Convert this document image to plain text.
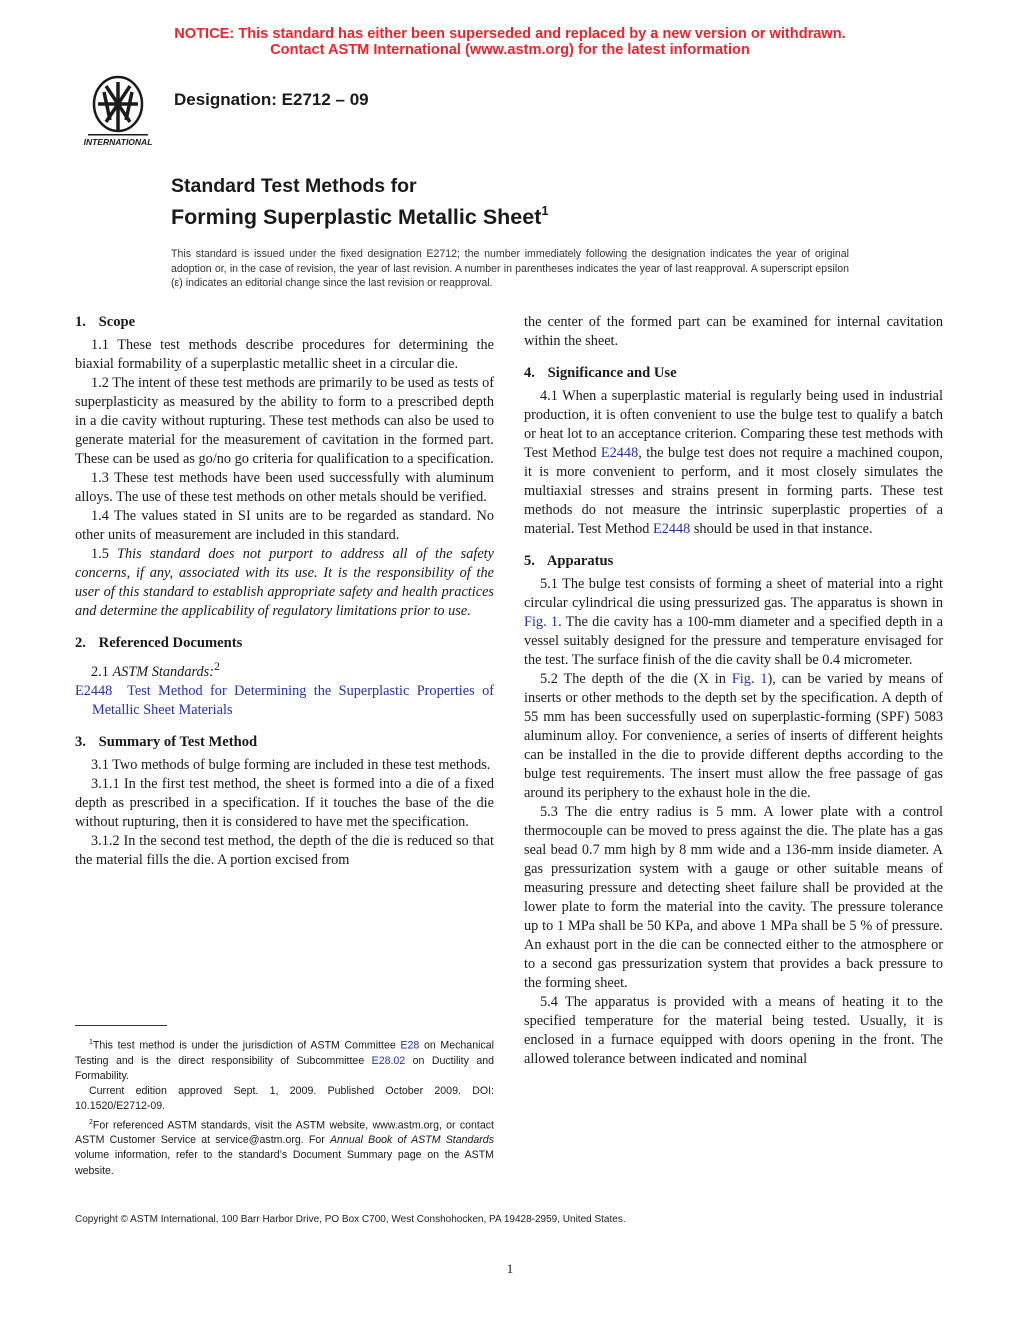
NOTICE: This standard has either been superseded and replaced by a new version or withdrawn.
Contact ASTM International (www.astm.org) for the latest information
INTERNATIONAL
Designation: E2712 – 09
Standard Test Methods for
Forming Superplastic Metallic Sheet$^1$
This standard is issued under the fixed designation E2712; the number immediately following the designation indicates the year of original adoption or, in the case of revision, the year of last revision. A number in parentheses indicates the year of last reapproval. A superscript epsilon (ε) indicates an editorial change since the last revision or reapproval.
1. Scope

1.1 These test methods describe procedures for determining the biaxial formability of a superplastic metallic sheet in a circular die.

1.2 The intent of these test methods are primarily to be used as tests of superplasticity as measured by the ability to form to a prescribed depth in a die cavity without rupturing. These test methods can also be used to generate material for the measurement of cavitation in the formed part. These can be used as go/no go criteria for qualification to a specification.

1.3 These test methods have been used successfully with aluminum alloys. The use of these test methods on other metals should be verified.

1.4 The values stated in SI units are to be regarded as standard. No other units of measurement are included in this standard.

1.5 This standard does not purport to address all of the safety concerns, if any, associated with its use. It is the responsibility of the user of this standard to establish appropriate safety and health practices and determine the applicability of regulatory limitations prior to use.

2. Referenced Documents

2.1 ASTM Standards:$^2$

E2448 Test Method for Determining the Superplastic Properties of Metallic Sheet Materials

3. Summary of Test Method

3.1 Two methods of bulge forming are included in these test methods.

3.1.1 In the first test method, the sheet is formed into a die of a fixed depth as prescribed in a specification. If it touches the base of the die without rupturing, then it is considered to have met the specification.

3.1.2 In the second test method, the depth of the die is reduced so that the material fills the die. A portion excised from

the center of the formed part can be examined for internal cavitation within the sheet.

4. Significance and Use

4.1 When a superplastic material is regularly being used in industrial production, it is often convenient to use the bulge test to qualify a batch or heat lot to an acceptance criterion. Comparing these test methods with Test Method E2448, the bulge test does not require a machined coupon, it is more convenient to perform, and it most closely simulates the multiaxial stresses and strains present in forming parts. These test methods do not measure the intrinsic superplastic properties of a material. Test Method E2448 should be used in that instance.

5. Apparatus

5.1 The bulge test consists of forming a sheet of material into a right circular cylindrical die using pressurized gas. The apparatus is shown in Fig. 1. The die cavity has a 100-mm diameter and a specified depth in a vessel suitably designed for the pressure and temperature envisaged for the test. The surface finish of the die cavity shall be 0.4 micrometer.

5.2 The depth of the die (X in Fig. 1), can be varied by means of inserts or other methods to the depth set by the specification. A depth of 55 mm has been successfully used on superplastic-forming (SPF) 5083 aluminum alloy. For convenience, a series of inserts of different heights can be installed in the die to provide different depths according to the bulge test requirements. The insert must allow the free passage of gas around its periphery to the exhaust hole in the die.

5.3 The die entry radius is 5 mm. A lower plate with a control thermocouple can be moved to press against the die. The plate has a gas seal bead 0.7 mm high by 8 mm wide and a 136-mm inside diameter. A gas pressurization system with a gauge or other suitable means of measuring pressure and detecting sheet failure shall be provided at the lower plate to form the material into the cavity. The pressure tolerance up to 1 MPa shall be 50 KPa, and above 1 MPa shall be 5 % of pressure. An exhaust port in the die can be connected either to the atmosphere or to a second gas pressurization system that provides a back pressure to the forming sheet.

5.4 The apparatus is provided with a means of heating it to the specified temperature for the material being tested. Usually, it is enclosed in a furnace equipped with doors opening in the front. The allowed tolerance between indicated and nominal

$^1$This test method is under the jurisdiction of ASTM Committee E28 on Mechanical Testing and is the direct responsibility of Subcommittee E28.02 on Ductility and Formability.

Current edition approved Sept. 1, 2009. Published October 2009. DOI: 10.1520/E2712-09.

$^2$For referenced ASTM standards, visit the ASTM website, www.astm.org, or contact ASTM Customer Service at service@astm.org. For Annual Book of ASTM Standards volume information, refer to the standard’s Document Summary page on the ASTM website.

Copyright © ASTM International, 100 Barr Harbor Drive, PO Box C700, West Conshohocken, PA 19428-2959, United States.
1
